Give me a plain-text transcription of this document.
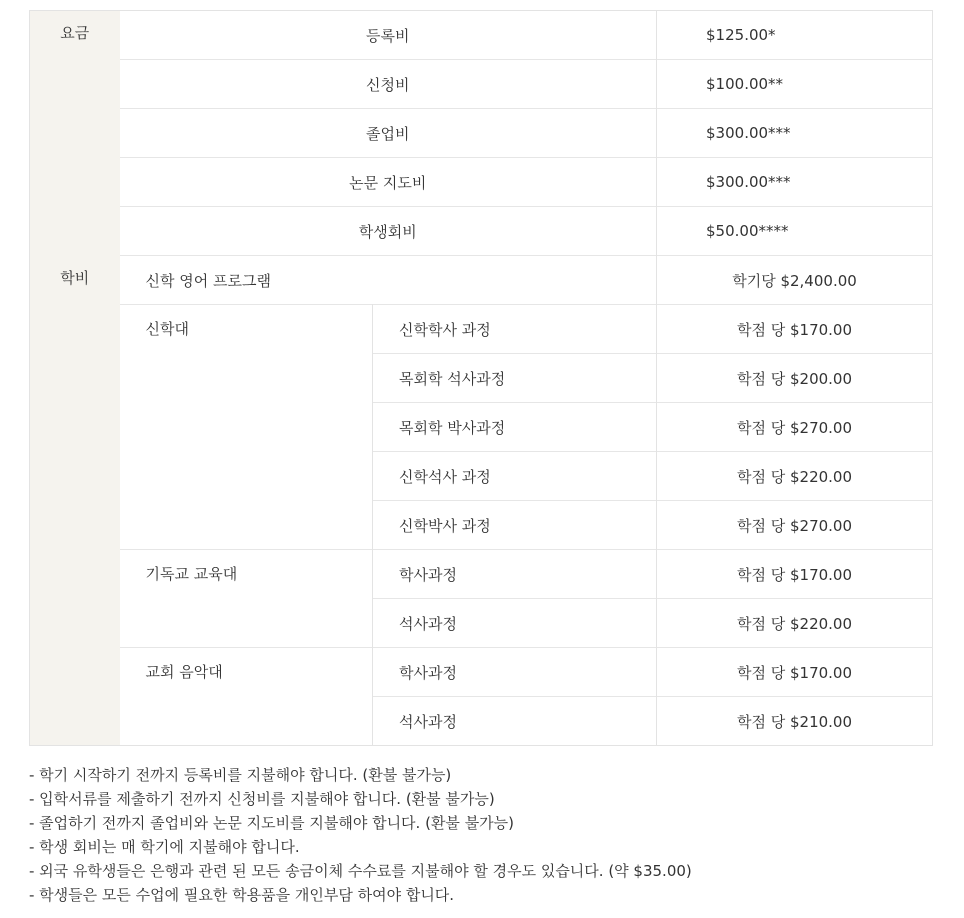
요금	등록비		$125.00*
	신청비		$100.00**
	졸업비		$300.00***
	논문 지도비		$300.00***
	학생회비		$50.00****
학비	신학 영어 프로그램		학기당 $2,400.00
	신학대	신학학사 과정	학점 당 $170.00
		목회학 석사과정	학점 당 $200.00
		목회학 박사과정	학점 당 $270.00
		신학석사 과정	학점 당 $220.00
		신학박사 과정	학점 당 $270.00
	기독교 교육대	학사과정	학점 당 $170.00
		석사과정	학점 당 $220.00
	교회 음악대	학사과정	학점 당 $170.00
		석사과정	학점 당 $210.00
- 학기 시작하기 전까지 등록비를 지불해야 합니다. (환불 불가능)
- 입학서류를 제출하기 전까지 신청비를 지불해야 합니다. (환불 불가능)
- 졸업하기 전까지 졸업비와 논문 지도비를 지불해야 합니다. (환불 불가능)
- 학생 회비는 매 학기에 지불해야 합니다.
- 외국 유학생들은 은행과 관련 된 모든 송금이체 수수료를 지불해야 할 경우도 있습니다. (약 $35.00)
- 학생들은 모든 수업에 필요한 학용품을 개인부담 하여야 합니다.
